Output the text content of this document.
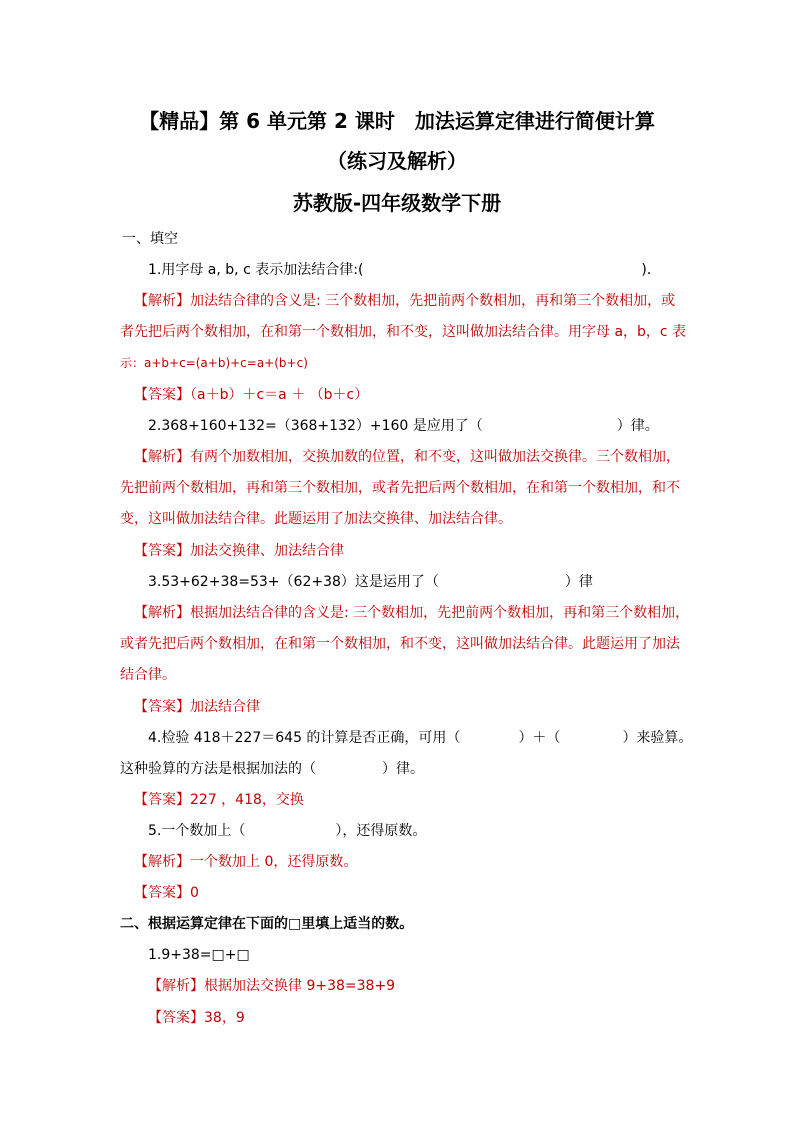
【精品】第 6 单元第 2 课时　加法运算定律进行简便计算
（练习及解析）
苏教版-四年级数学下册
一、填空
1.用字母 a, b, c 表示加法结合律:(	)．
【解析】加法结合律的含义是: 三个数相加，先把前两个数相加，再和第三个数相加，或
者先把后两个数相加，在和第一个数相加，和不变，这叫做加法结合律。用字母 a，b，c 表
示：a+b+c=(a+b)+c=a+(b+c)
【答案】（a＋b）＋c＝a ＋ （b＋c）
2.368+160+132=（368+132）+160 是应用了（	）律。
【解析】有两个加数相加，交换加数的位置，和不变，这叫做加法交换律。三个数相加，
先把前两个数相加，再和第三个数相加，或者先把后两个数相加，在和第一个数相加，和不
变，这叫做加法结合律。此题运用了加法交换律、加法结合律。
【答案】加法交换律、加法结合律
3.53+62+38=53+（62+38）这是运用了（	）律
【解析】根据加法结合律的含义是: 三个数相加，先把前两个数相加，再和第三个数相加，
或者先把后两个数相加，在和第一个数相加，和不变，这叫做加法结合律。此题运用了加法
结合律。
【答案】加法结合律
4.检验 418＋227＝645 的计算是否正确，可用（	）＋（	）来验算。
这种验算的方法是根据加法的（	）律。
【答案】227 ，418，交换
5.一个数加上（	），还得原数。
【解析】一个数加上 0，还得原数。
【答案】0
二、根据运算定律在下面的□里填上适当的数。
1.9+38=□+□
【解析】根据加法交换律 9+38=38+9
【答案】38，9
